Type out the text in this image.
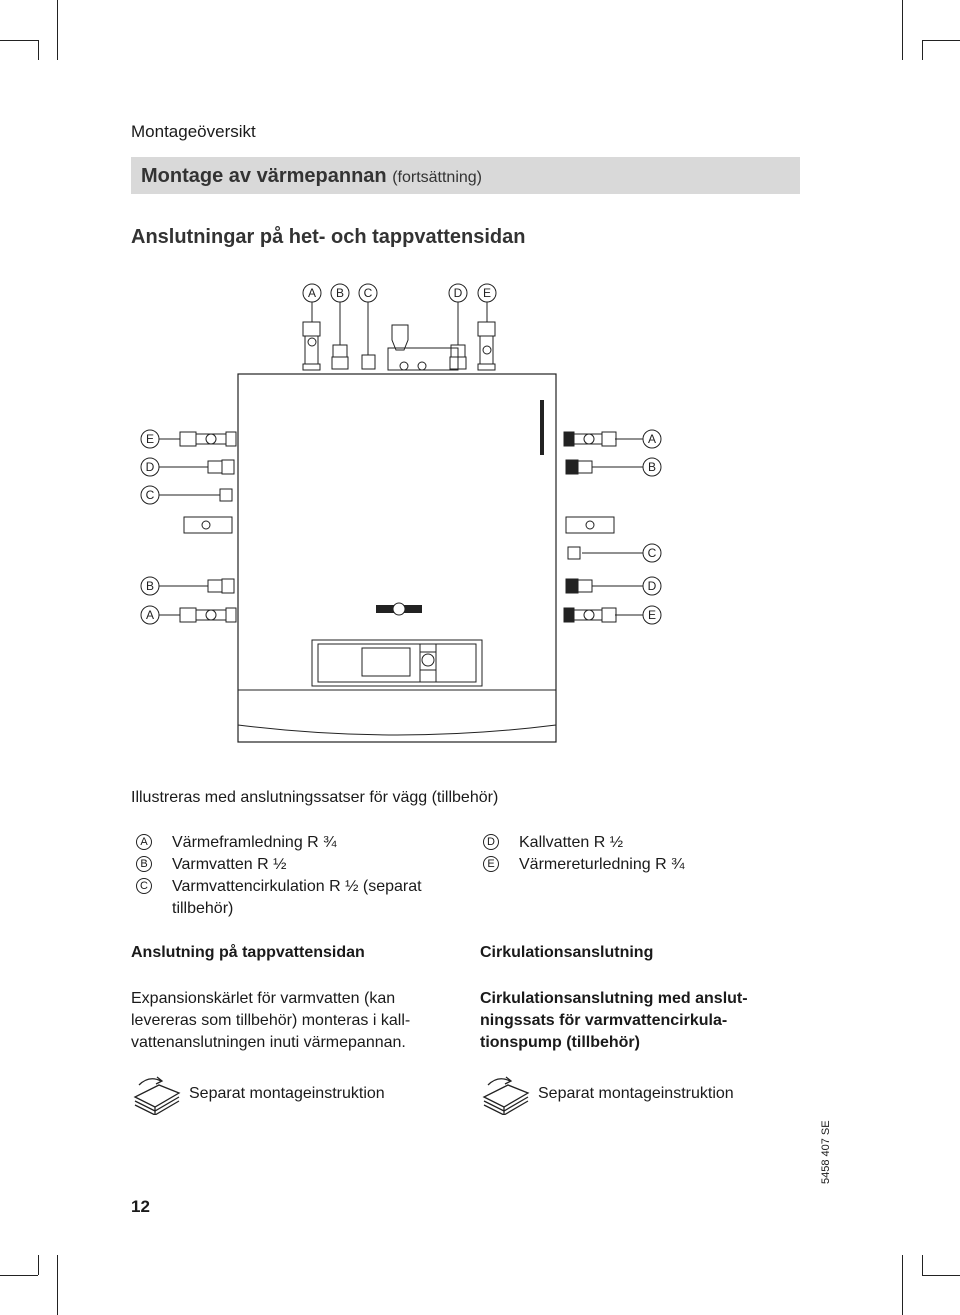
Montageöversikt
Montage av värmepannan (fortsättning)
Anslutningar på het- och tappvattensidan
A B C	D E
E
D
C
B
A
A
B
C
D
E
Illustreras med anslutningssatser för vägg (tillbehör)
A Värmeframledning R ¾
B Varmvatten R ½
C Varmvattencirkulation R ½ (separat tillbehör)
D Kallvatten R ½
E Värmereturledning R ¾
Anslutning på tappvattensidan
Expansionskärlet för varmvatten (kan
levereras som tillbehör) monteras i kall-
vattenanslutningen inuti värmepannan.
Separat montageinstruktion
Cirkulationsanslutning
Cirkulationsanslutning med anslut-
ningssats för varmvattencirkula-
tionspump (tillbehör)
Separat montageinstruktion
5458 407 SE
12
